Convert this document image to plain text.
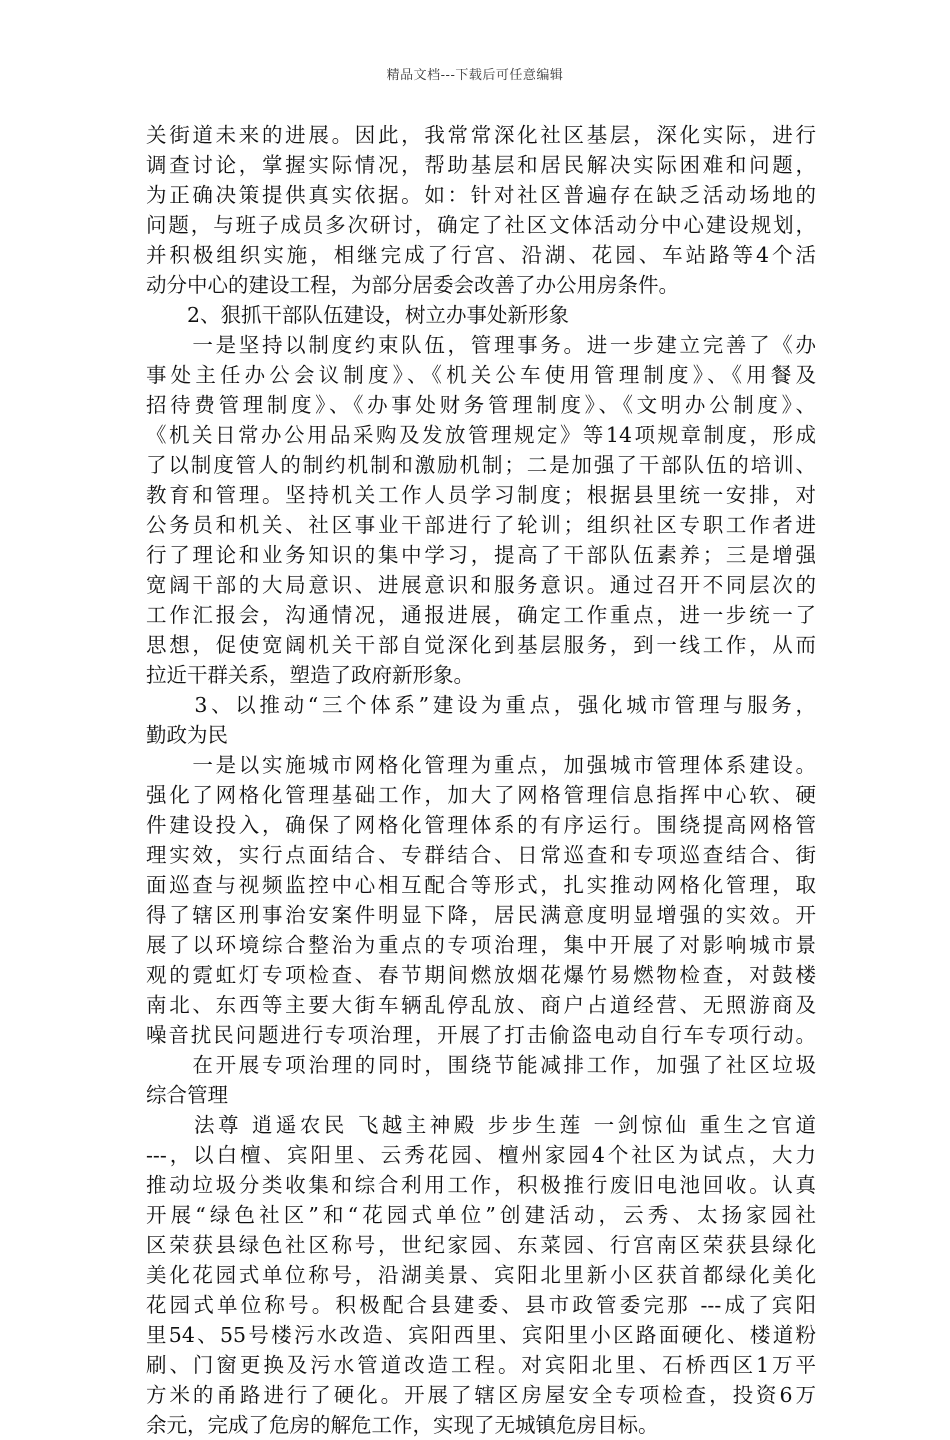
精品文档---下载后可任意编辑
关街道未来的进展。因此，我常常深化社区基层，深化实际，进行
调查讨论，掌握实际情况，帮助基层和居民解决实际困难和问题，
为正确决策提供真实依据。如：针对社区普遍存在缺乏活动场地的
问题，与班子成员多次研讨，确定了社区文体活动分中心建设规划，
并积极组织实施，相继完成了行宫、沿湖、花园、车站路等4个活
动分中心的建设工程，为部分居委会改善了办公用房条件。
　　2、狠抓干部队伍建设，树立办事处新形象
　　一是坚持以制度约束队伍，管理事务。进一步建立完善了《办
事处主任办公会议制度》、《机关公车使用管理制度》、《用餐及
招待费管理制度》、《办事处财务管理制度》、《文明办公制度》、
《机关日常办公用品采购及发放管理规定》等14项规章制度，形成
了以制度管人的制约机制和激励机制；二是加强了干部队伍的培训、
教育和管理。坚持机关工作人员学习制度；根据县里统一安排，对
公务员和机关、社区事业干部进行了轮训；组织社区专职工作者进
行了理论和业务知识的集中学习，提高了干部队伍素养；三是增强
宽阔干部的大局意识、进展意识和服务意识。通过召开不同层次的
工作汇报会，沟通情况，通报进展，确定工作重点，进一步统一了
思想，促使宽阔机关干部自觉深化到基层服务，到一线工作，从而
拉近干群关系，塑造了政府新形象。
　　3、以推动“三个体系”建设为重点，强化城市管理与服务，
勤政为民
　　一是以实施城市网格化管理为重点，加强城市管理体系建设。
强化了网格化管理基础工作，加大了网格管理信息指挥中心软、硬
件建设投入，确保了网格化管理体系的有序运行。围绕提高网格管
理实效，实行点面结合、专群结合、日常巡查和专项巡查结合、街
面巡查与视频监控中心相互配合等形式，扎实推动网格化管理，取
得了辖区刑事治安案件明显下降，居民满意度明显增强的实效。开
展了以环境综合整治为重点的专项治理，集中开展了对影响城市景
观的霓虹灯专项检查、春节期间燃放烟花爆竹易燃物检查，对鼓楼
南北、东西等主要大街车辆乱停乱放、商户占道经营、无照游商及
噪音扰民问题进行专项治理，开展了打击偷盗电动自行车专项行动。
　　在开展专项治理的同时，围绕节能减排工作，加强了社区垃圾
综合管理
　　法尊 逍遥农民 飞越主神殿 步步生莲 一剑惊仙 重生之官道
---，以白檀、宾阳里、云秀花园、檀州家园4个社区为试点，大力
推动垃圾分类收集和综合利用工作，积极推行废旧电池回收。认真
开展“绿色社区”和“花园式单位”创建活动，云秀、太扬家园社
区荣获县绿色社区称号，世纪家园、东菜园、行宫南区荣获县绿化
美化花园式单位称号，沿湖美景、宾阳北里新小区获首都绿化美化
花园式单位称号。积极配合县建委、县市政管委完那 ---成了宾阳
里54、55号楼污水改造、宾阳西里、宾阳里小区路面硬化、楼道粉
刷、门窗更换及污水管道改造工程。对宾阳北里、石桥西区1万平
方米的甬路进行了硬化。开展了辖区房屋安全专项检查，投资6万
余元，完成了危房的解危工作，实现了无城镇危房目标。
